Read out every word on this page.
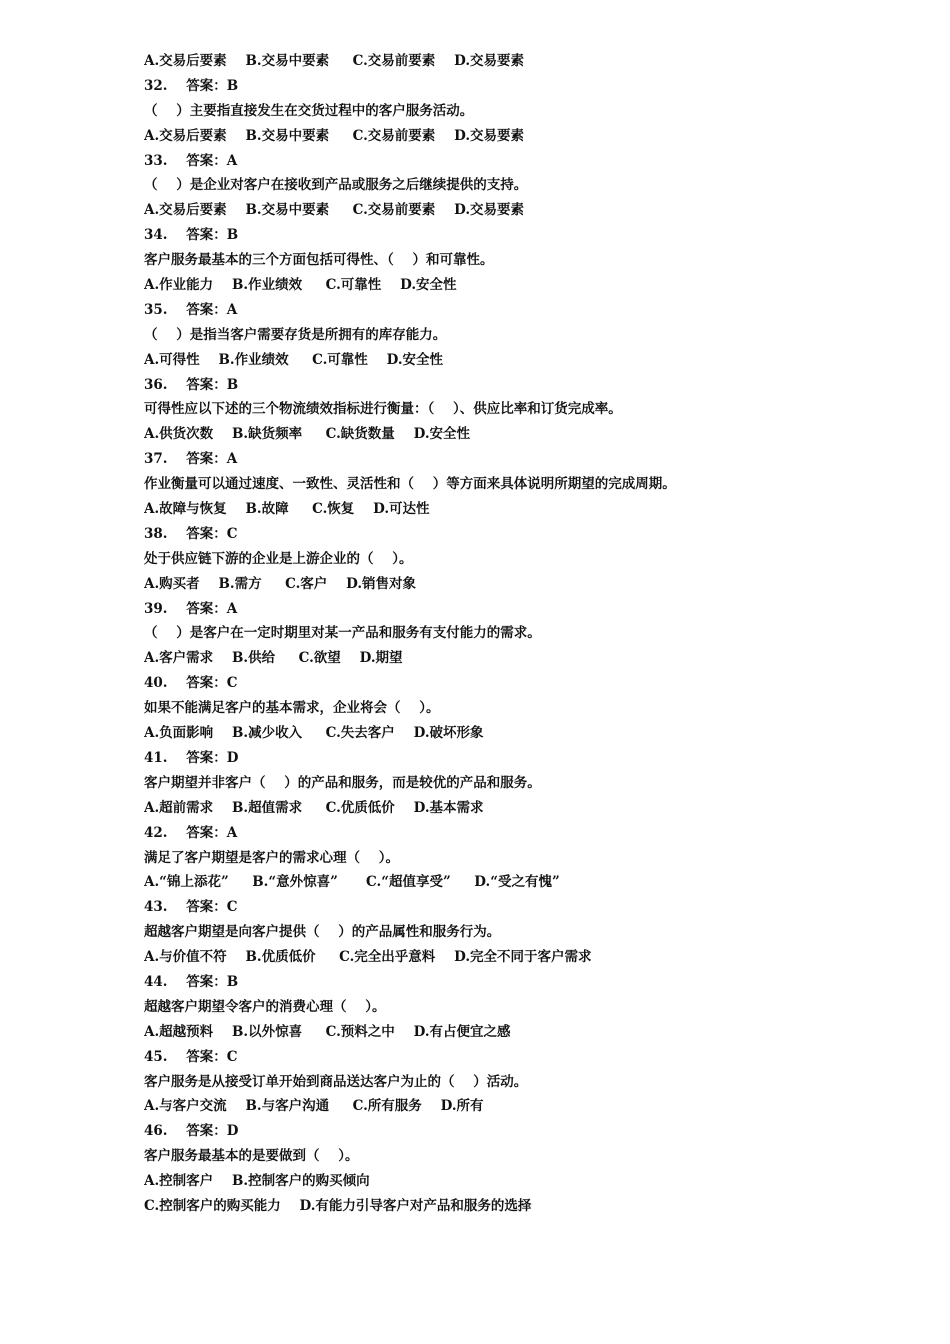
A.交易后要素    B.交易中要素     C.交易前要素    D.交易要素
32.    答案：B
（    ）主要指直接发生在交货过程中的客户服务活动。
A.交易后要素    B.交易中要素     C.交易前要素    D.交易要素
33.    答案：A
（    ）是企业对客户在接收到产品或服务之后继续提供的支持。
A.交易后要素    B.交易中要素     C.交易前要素    D.交易要素
34.    答案：B
客户服务最基本的三个方面包括可得性、（    ）和可靠性。
A.作业能力    B.作业绩效     C.可靠性    D.安全性
35.    答案：A
（    ）是指当客户需要存货是所拥有的库存能力。
A.可得性    B.作业绩效     C.可靠性    D.安全性
36.    答案：B
可得性应以下述的三个物流绩效指标进行衡量：（    ）、供应比率和订货完成率。
A.供货次数    B.缺货频率     C.缺货数量    D.安全性
37.    答案：A
作业衡量可以通过速度、一致性、灵活性和（    ）等方面来具体说明所期望的完成周期。
A.故障与恢复    B.故障     C.恢复    D.可达性
38.    答案：C
处于供应链下游的企业是上游企业的（    ）。
A.购买者    B.需方     C.客户    D.销售对象
39.    答案：A
（    ）是客户在一定时期里对某一产品和服务有支付能力的需求。
A.客户需求    B.供给     C.欲望    D.期望
40.    答案：C
如果不能满足客户的基本需求，企业将会（    ）。
A.负面影响    B.减少收入     C.失去客户    D.破坏形象
41.    答案：D
客户期望并非客户（    ）的产品和服务，而是较优的产品和服务。
A.超前需求    B.超值需求     C.优质低价    D.基本需求
42.    答案：A
满足了客户期望是客户的需求心理（    ）。
A.“锦上添花”     B.“意外惊喜”      C.“超值享受”     D.“受之有愧”
43.    答案：C
超越客户期望是向客户提供（    ）的产品属性和服务行为。
A.与价值不符    B.优质低价     C.完全出乎意料    D.完全不同于客户需求
44.    答案：B
超越客户期望令客户的消费心理（    ）。
A.超越预料    B.以外惊喜     C.预料之中    D.有占便宜之感
45.    答案：C
客户服务是从接受订单开始到商品送达客户为止的（    ）活动。
A.与客户交流    B.与客户沟通     C.所有服务    D.所有
46.    答案：D
客户服务最基本的是要做到（    ）。
A.控制客户    B.控制客户的购买倾向
C.控制客户的购买能力    D.有能力引导客户对产品和服务的选择
